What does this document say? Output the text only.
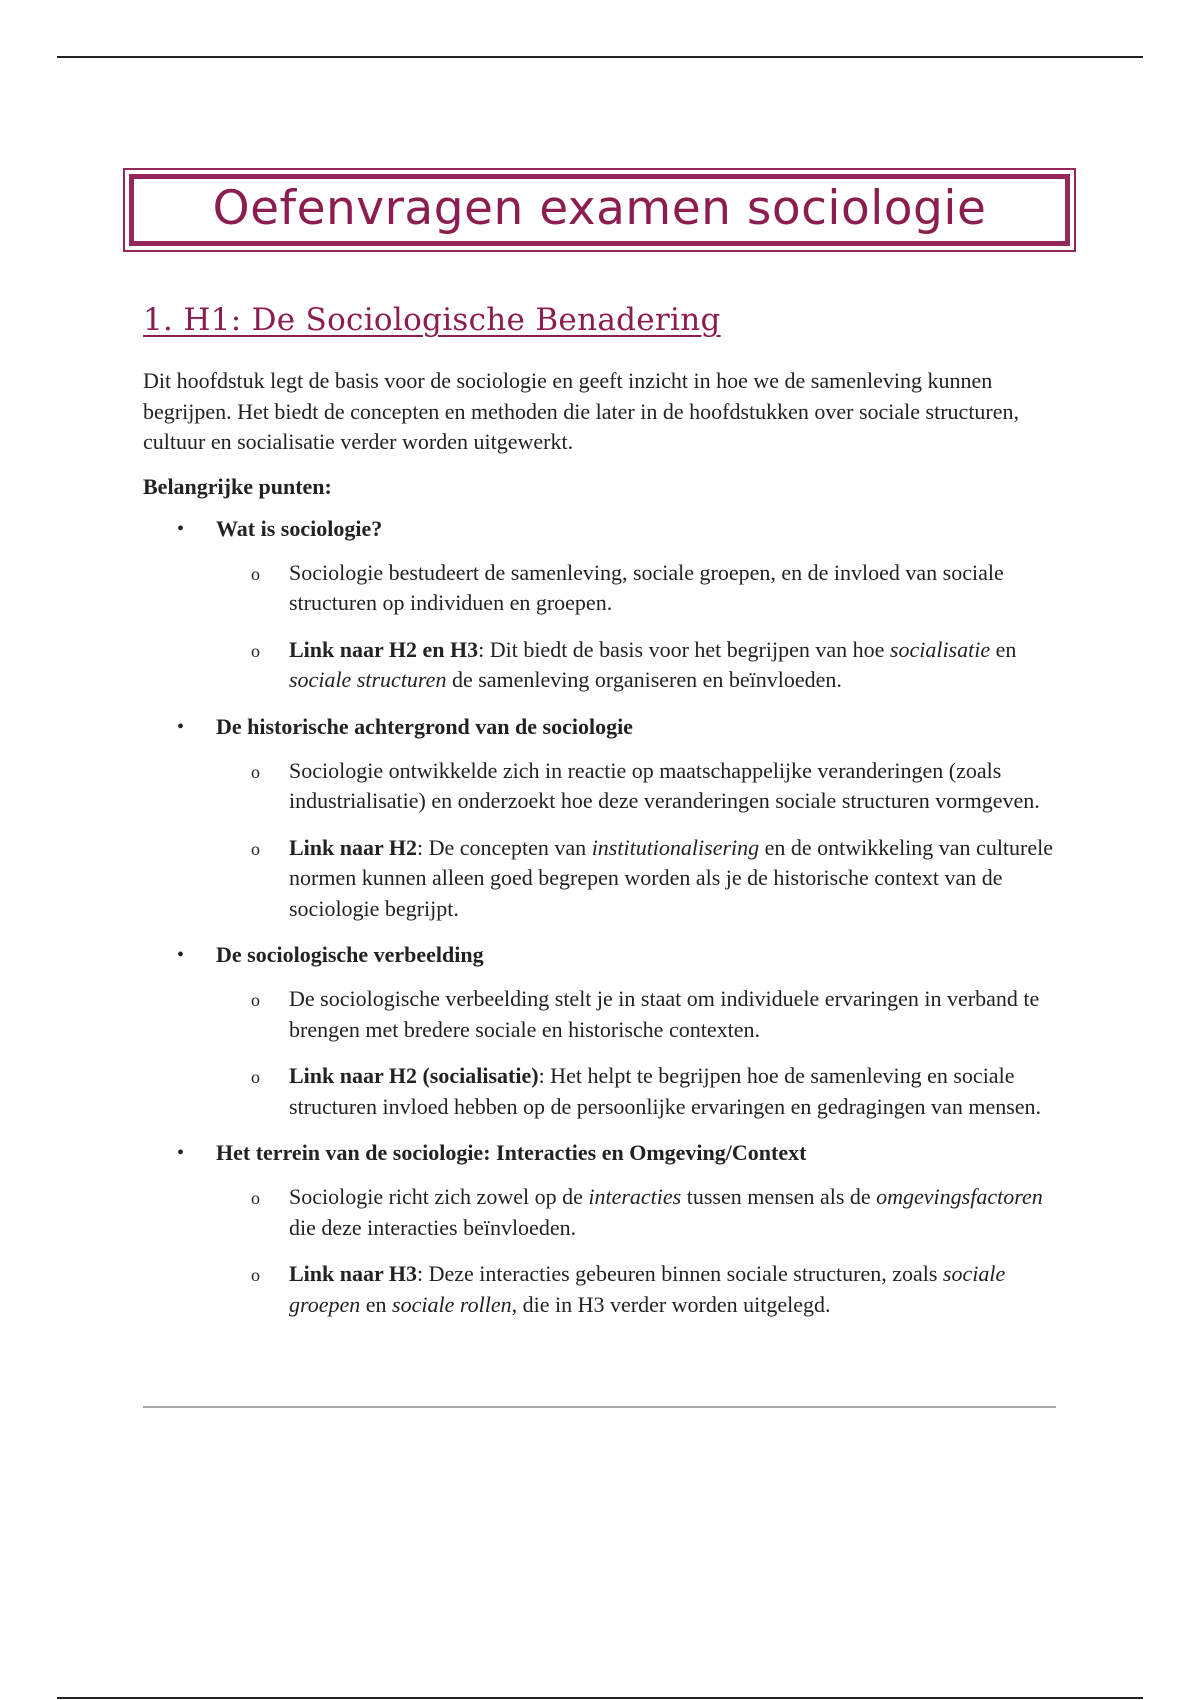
Oefenvragen examen sociologie
1. H1: De Sociologische Benadering

Dit hoofdstuk legt de basis voor de sociologie en geeft inzicht in hoe we de samenleving kunnen begrijpen. Het biedt de concepten en methoden die later in de hoofdstukken over sociale structuren, cultuur en socialisatie verder worden uitgewerkt.

Belangrijke punten:
• Wat is sociologie?
o Sociologie bestudeert de samenleving, sociale groepen, en de invloed van sociale structuren op individuen en groepen.
o Link naar H2 en H3: Dit biedt de basis voor het begrijpen van hoe socialisatie en sociale structuren de samenleving organiseren en beïnvloeden.
• De historische achtergrond van de sociologie
o Sociologie ontwikkelde zich in reactie op maatschappelijke veranderingen (zoals industrialisatie) en onderzoekt hoe deze veranderingen sociale structuren vormgeven.
o Link naar H2: De concepten van institutionalisering en de ontwikkeling van culturele normen kunnen alleen goed begrepen worden als je de historische context van de sociologie begrijpt.
• De sociologische verbeelding
o De sociologische verbeelding stelt je in staat om individuele ervaringen in verband te brengen met bredere sociale en historische contexten.
o Link naar H2 (socialisatie): Het helpt te begrijpen hoe de samenleving en sociale structuren invloed hebben op de persoonlijke ervaringen en gedragingen van mensen.
• Het terrein van de sociologie: Interacties en Omgeving/Context
o Sociologie richt zich zowel op de interacties tussen mensen als de omgevingsfactoren die deze interacties beïnvloeden.
o Link naar H3: Deze interacties gebeuren binnen sociale structuren, zoals sociale groepen en sociale rollen, die in H3 verder worden uitgelegd.
